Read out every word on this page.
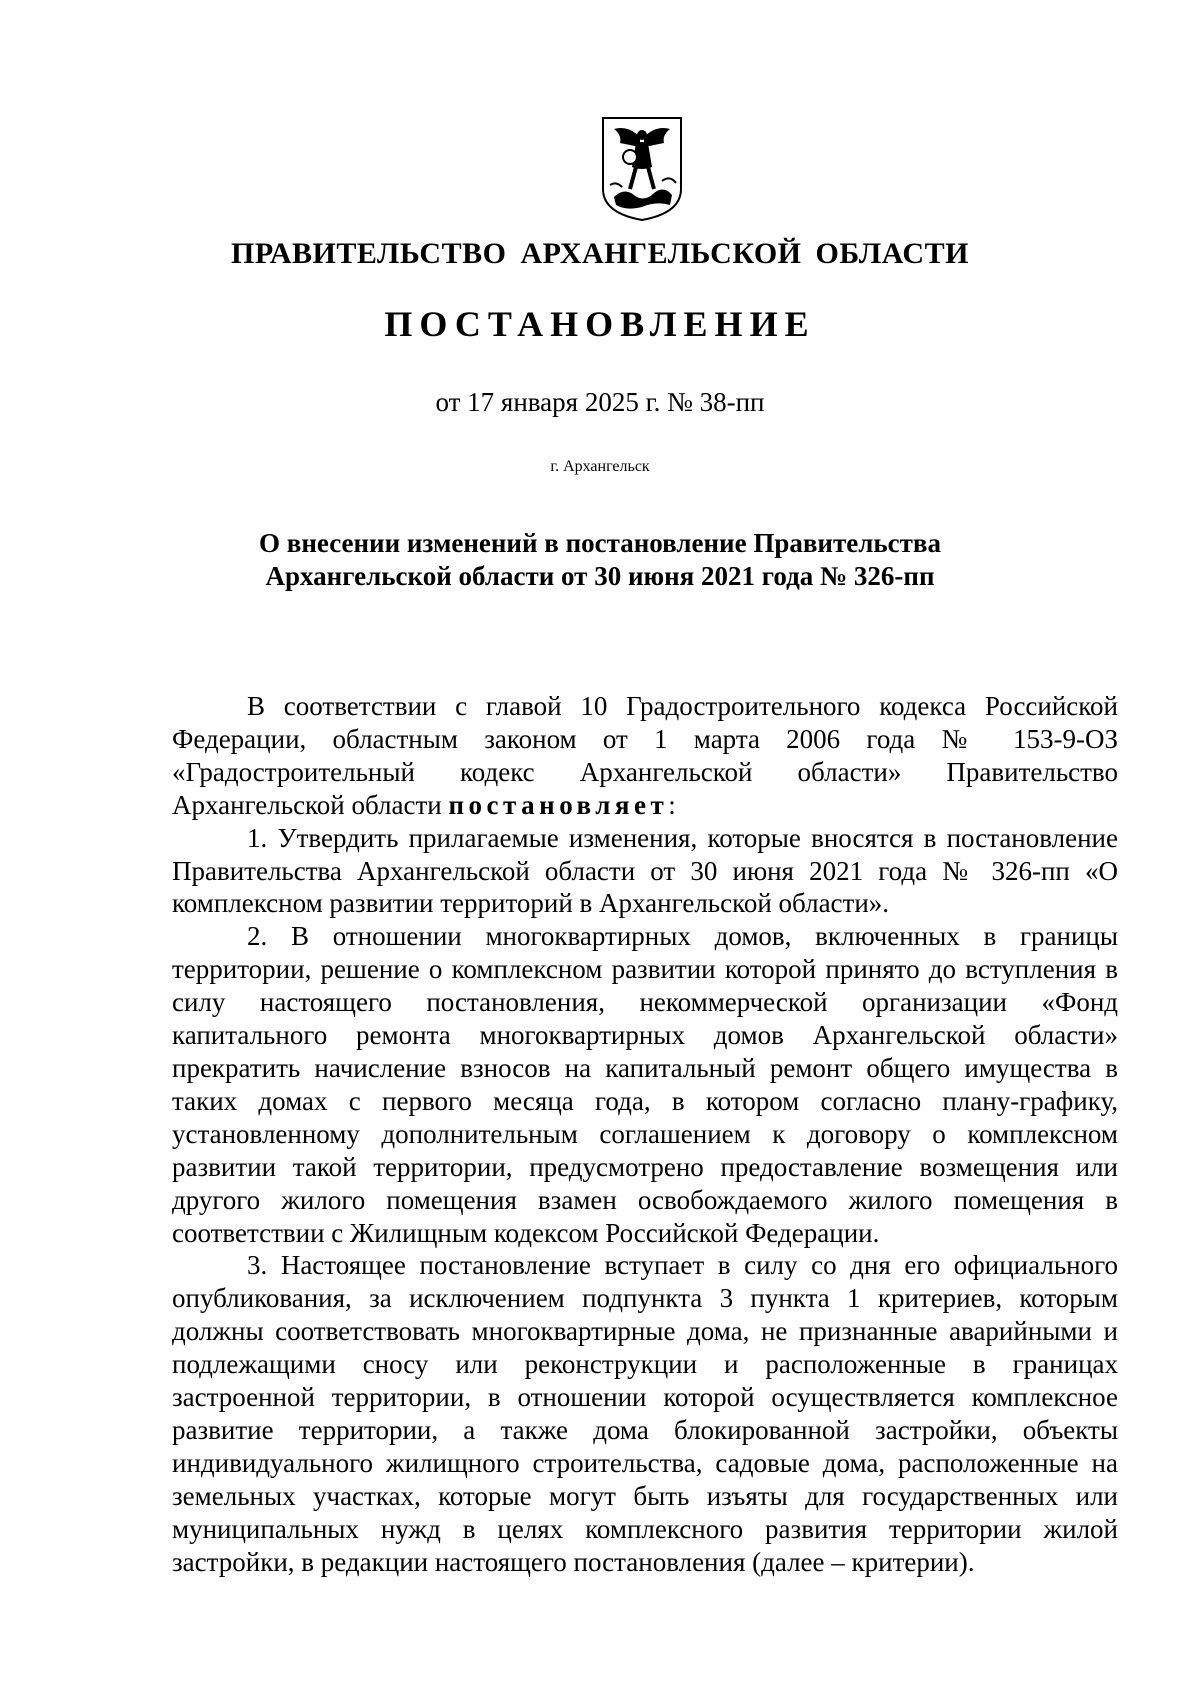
ПРАВИТЕЛЬСТВО АРХАНГЕЛЬСКОЙ ОБЛАСТИ
ПОСТАНОВЛЕНИЕ
от 17 января 2025 г. № 38-пп
г. Архангельск
О внесении изменений в постановление Правительства
Архангельской области от 30 июня 2021 года № 326-пп

В соответствии с главой 10 Градостроительного кодекса Российской Федерации, областным законом от 1 марта 2006 года № 153-9-ОЗ «Градостроительный кодекс Архангельской области» Правительство Архангельской области постановляет:

1. Утвердить прилагаемые изменения, которые вносятся в постановление Правительства Архангельской области от 30 июня 2021 года № 326-пп «О комплексном развитии территорий в Архангельской области».

2. В отношении многоквартирных домов, включенных в границы территории, решение о комплексном развитии которой принято до вступления в силу настоящего постановления, некоммерческой организации «Фонд капитального ремонта многоквартирных домов Архангельской области» прекратить начисление взносов на капитальный ремонт общего имущества в таких домах с первого месяца года, в котором согласно плану-графику, установленному дополнительным соглашением к договору о комплексном развитии такой территории, предусмотрено предоставление возмещения или другого жилого помещения взамен освобождаемого жилого помещения в соответствии с Жилищным кодексом Российской Федерации.

3. Настоящее постановление вступает в силу со дня его официального опубликования, за исключением подпункта 3 пункта 1 критериев, которым должны соответствовать многоквартирные дома, не признанные аварийными и подлежащими сносу или реконструкции и расположенные в границах застроенной территории, в отношении которой осуществляется комплексное развитие территории, а также дома блокированной застройки, объекты индивидуального жилищного строительства, садовые дома, расположенные на земельных участках, которые могут быть изъяты для государственных или муниципальных нужд в целях комплексного развития территории жилой застройки, в редакции настоящего постановления (далее – критерии).
